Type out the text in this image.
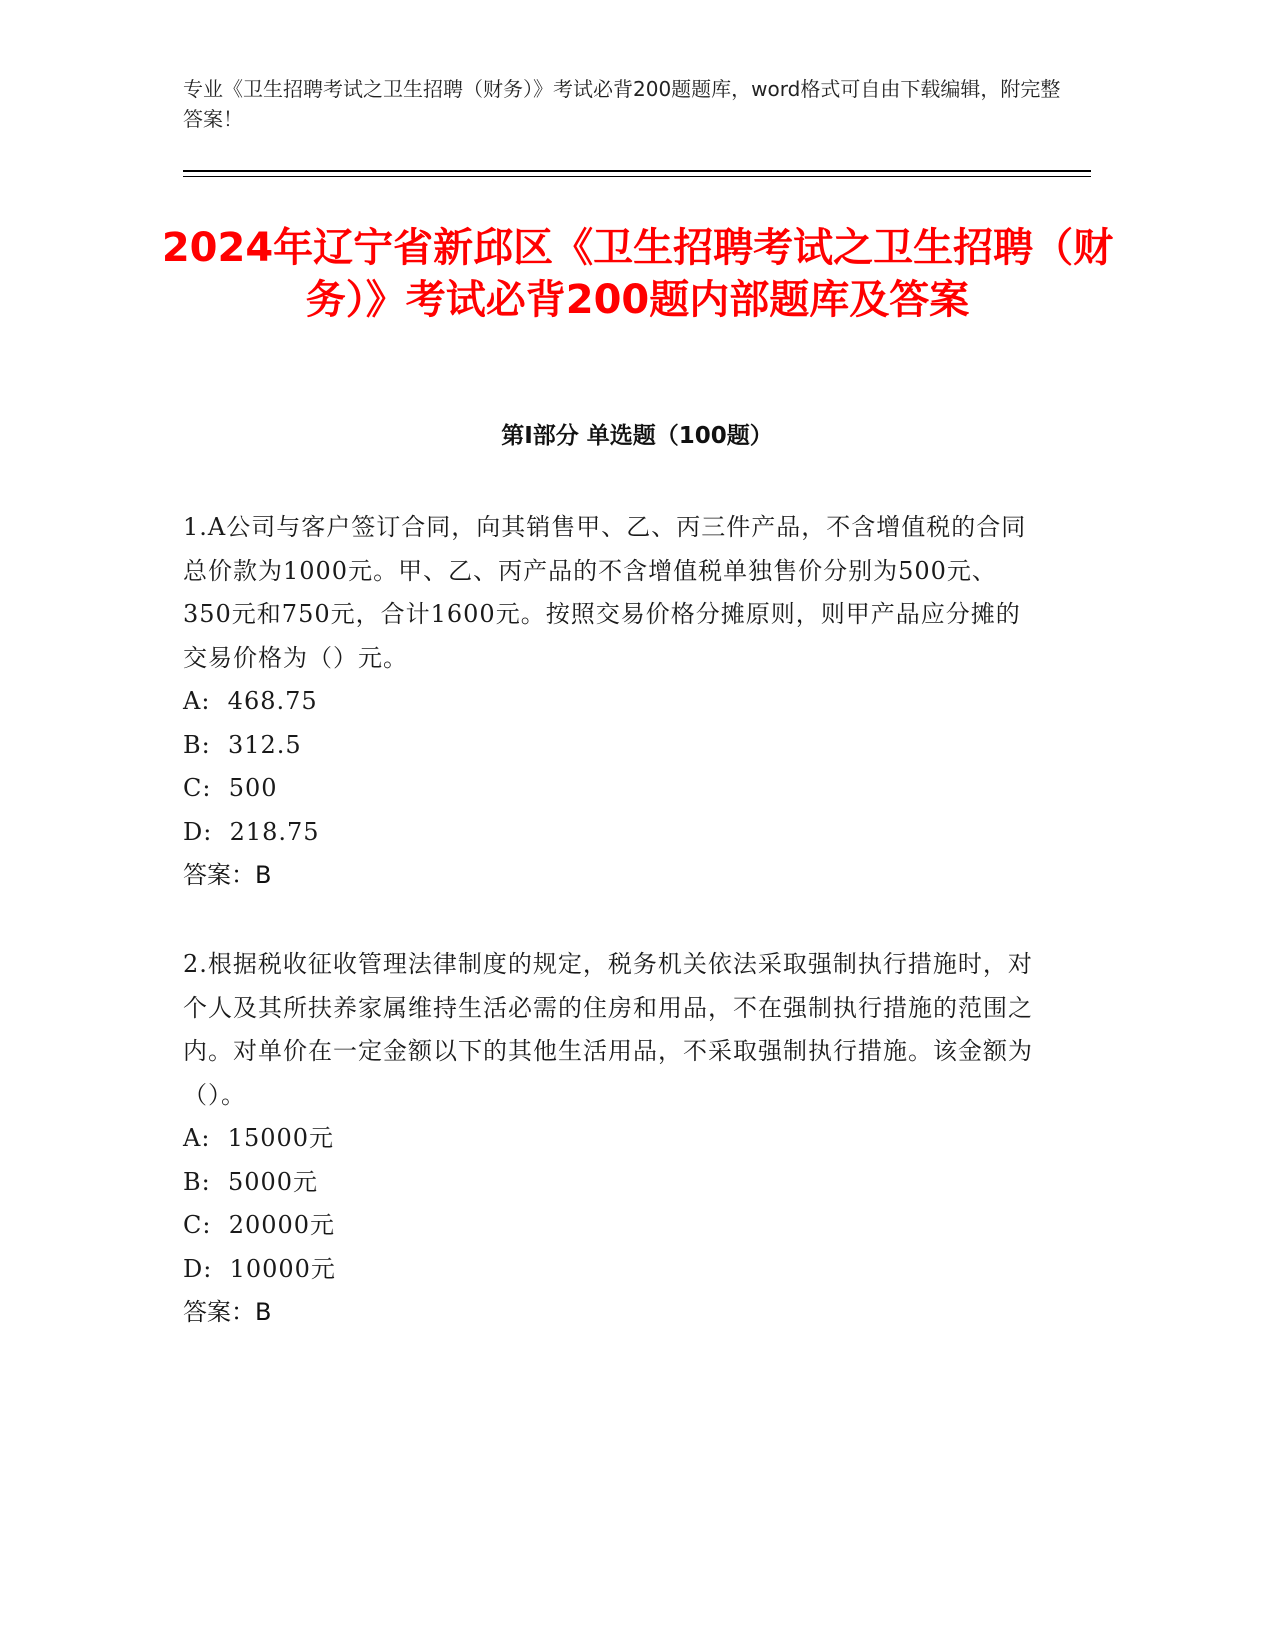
专业《卫生招聘考试之卫生招聘（财务）》考试必背200题题库，word格式可自由下载编辑，附完整答案！

2024年辽宁省新邱区《卫生招聘考试之卫生招聘（财务）》考试必背200题内部题库及答案
第Ⅰ部分 单选题（100题）

1.A公司与客户签订合同，向其销售甲、乙、丙三件产品，不含增值税的合同总价款为1000元。甲、乙、丙产品的不含增值税单独售价分别为500元、350元和750元，合计1600元。按照交易价格分摊原则，则甲产品应分摊的交易价格为（）元。

A:  468.75

B:  312.5

C:  500

D:  218.75

答案：B

2.根据税收征收管理法律制度的规定，税务机关依法采取强制执行措施时，对个人及其所扶养家属维持生活必需的住房和用品，不在强制执行措施的范围之内。对单价在一定金额以下的其他生活用品，不采取强制执行措施。该金额为（）。

A:  15000元

B:  5000元

C:  20000元

D:  10000元

答案：B
